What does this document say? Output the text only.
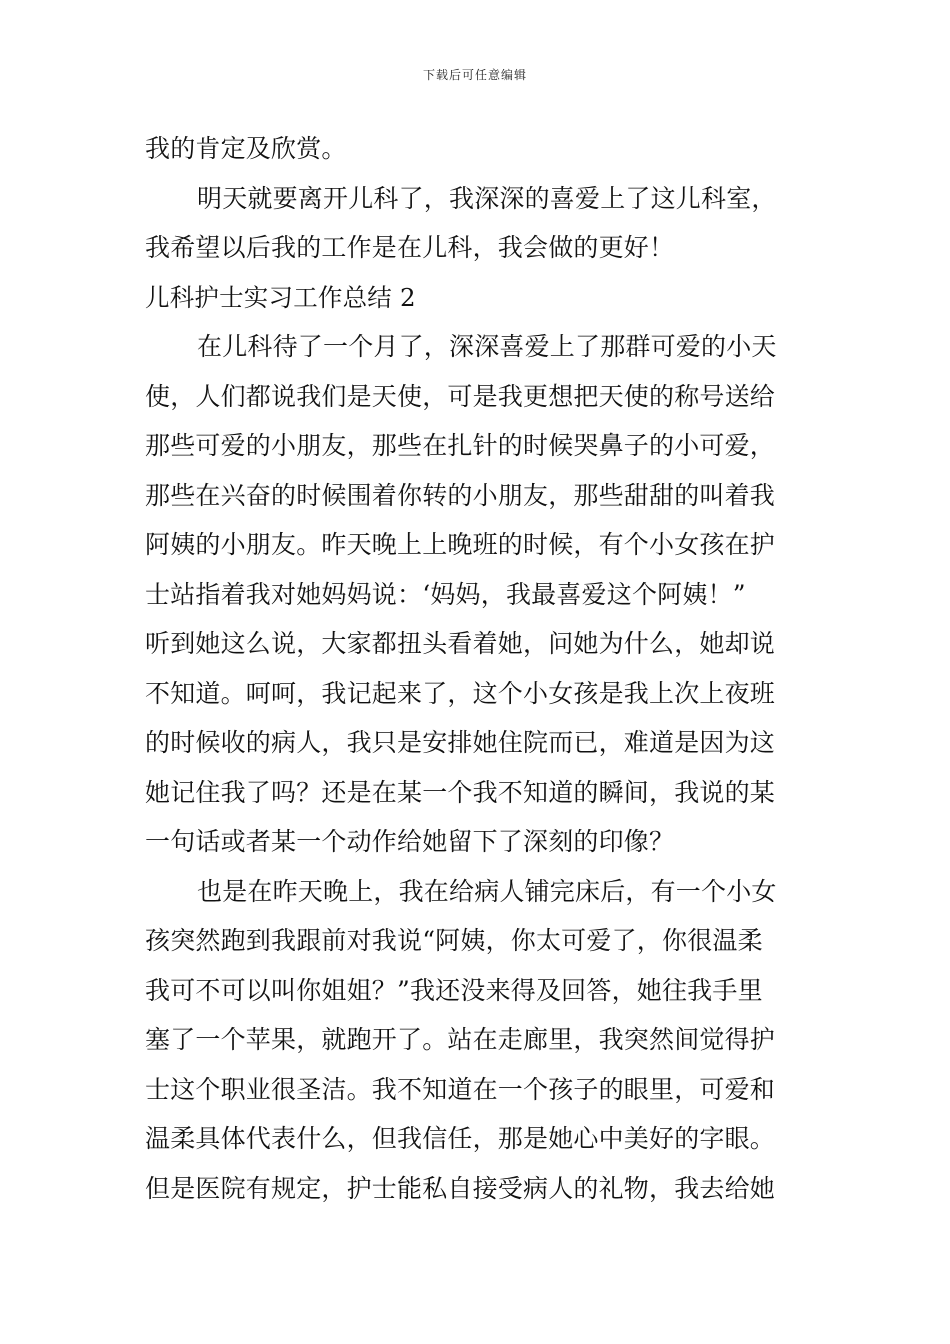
下载后可任意编辑
我的肯定及欣赏。
明天就要离开儿科了，我深深的喜爱上了这儿科室，
我希望以后我的工作是在儿科，我会做的更好！
儿科护士实习工作总结 2
在儿科待了一个月了，深深喜爱上了那群可爱的小天
使，人们都说我们是天使，可是我更想把天使的称号送给
那些可爱的小朋友，那些在扎针的时候哭鼻子的小可爱，
那些在兴奋的时候围着你转的小朋友，那些甜甜的叫着我
阿姨的小朋友。昨天晚上上晚班的时候，有个小女孩在护
士站指着我对她妈妈说：‘妈妈，我最喜爱这个阿姨！”
听到她这么说，大家都扭头看着她，问她为什么，她却说
不知道。呵呵，我记起来了，这个小女孩是我上次上夜班
的时候收的病人，我只是安排她住院而已，难道是因为这
她记住我了吗？还是在某一个我不知道的瞬间，我说的某
一句话或者某一个动作给她留下了深刻的印像？
也是在昨天晚上，我在给病人铺完床后，有一个小女
孩突然跑到我跟前对我说“阿姨，你太可爱了，你很温柔
我可不可以叫你姐姐？”我还没来得及回答，她往我手里
塞了一个苹果，就跑开了。站在走廊里，我突然间觉得护
士这个职业很圣洁。我不知道在一个孩子的眼里，可爱和
温柔具体代表什么，但我信任，那是她心中美好的字眼。
但是医院有规定，护士能私自接受病人的礼物，我去给她
